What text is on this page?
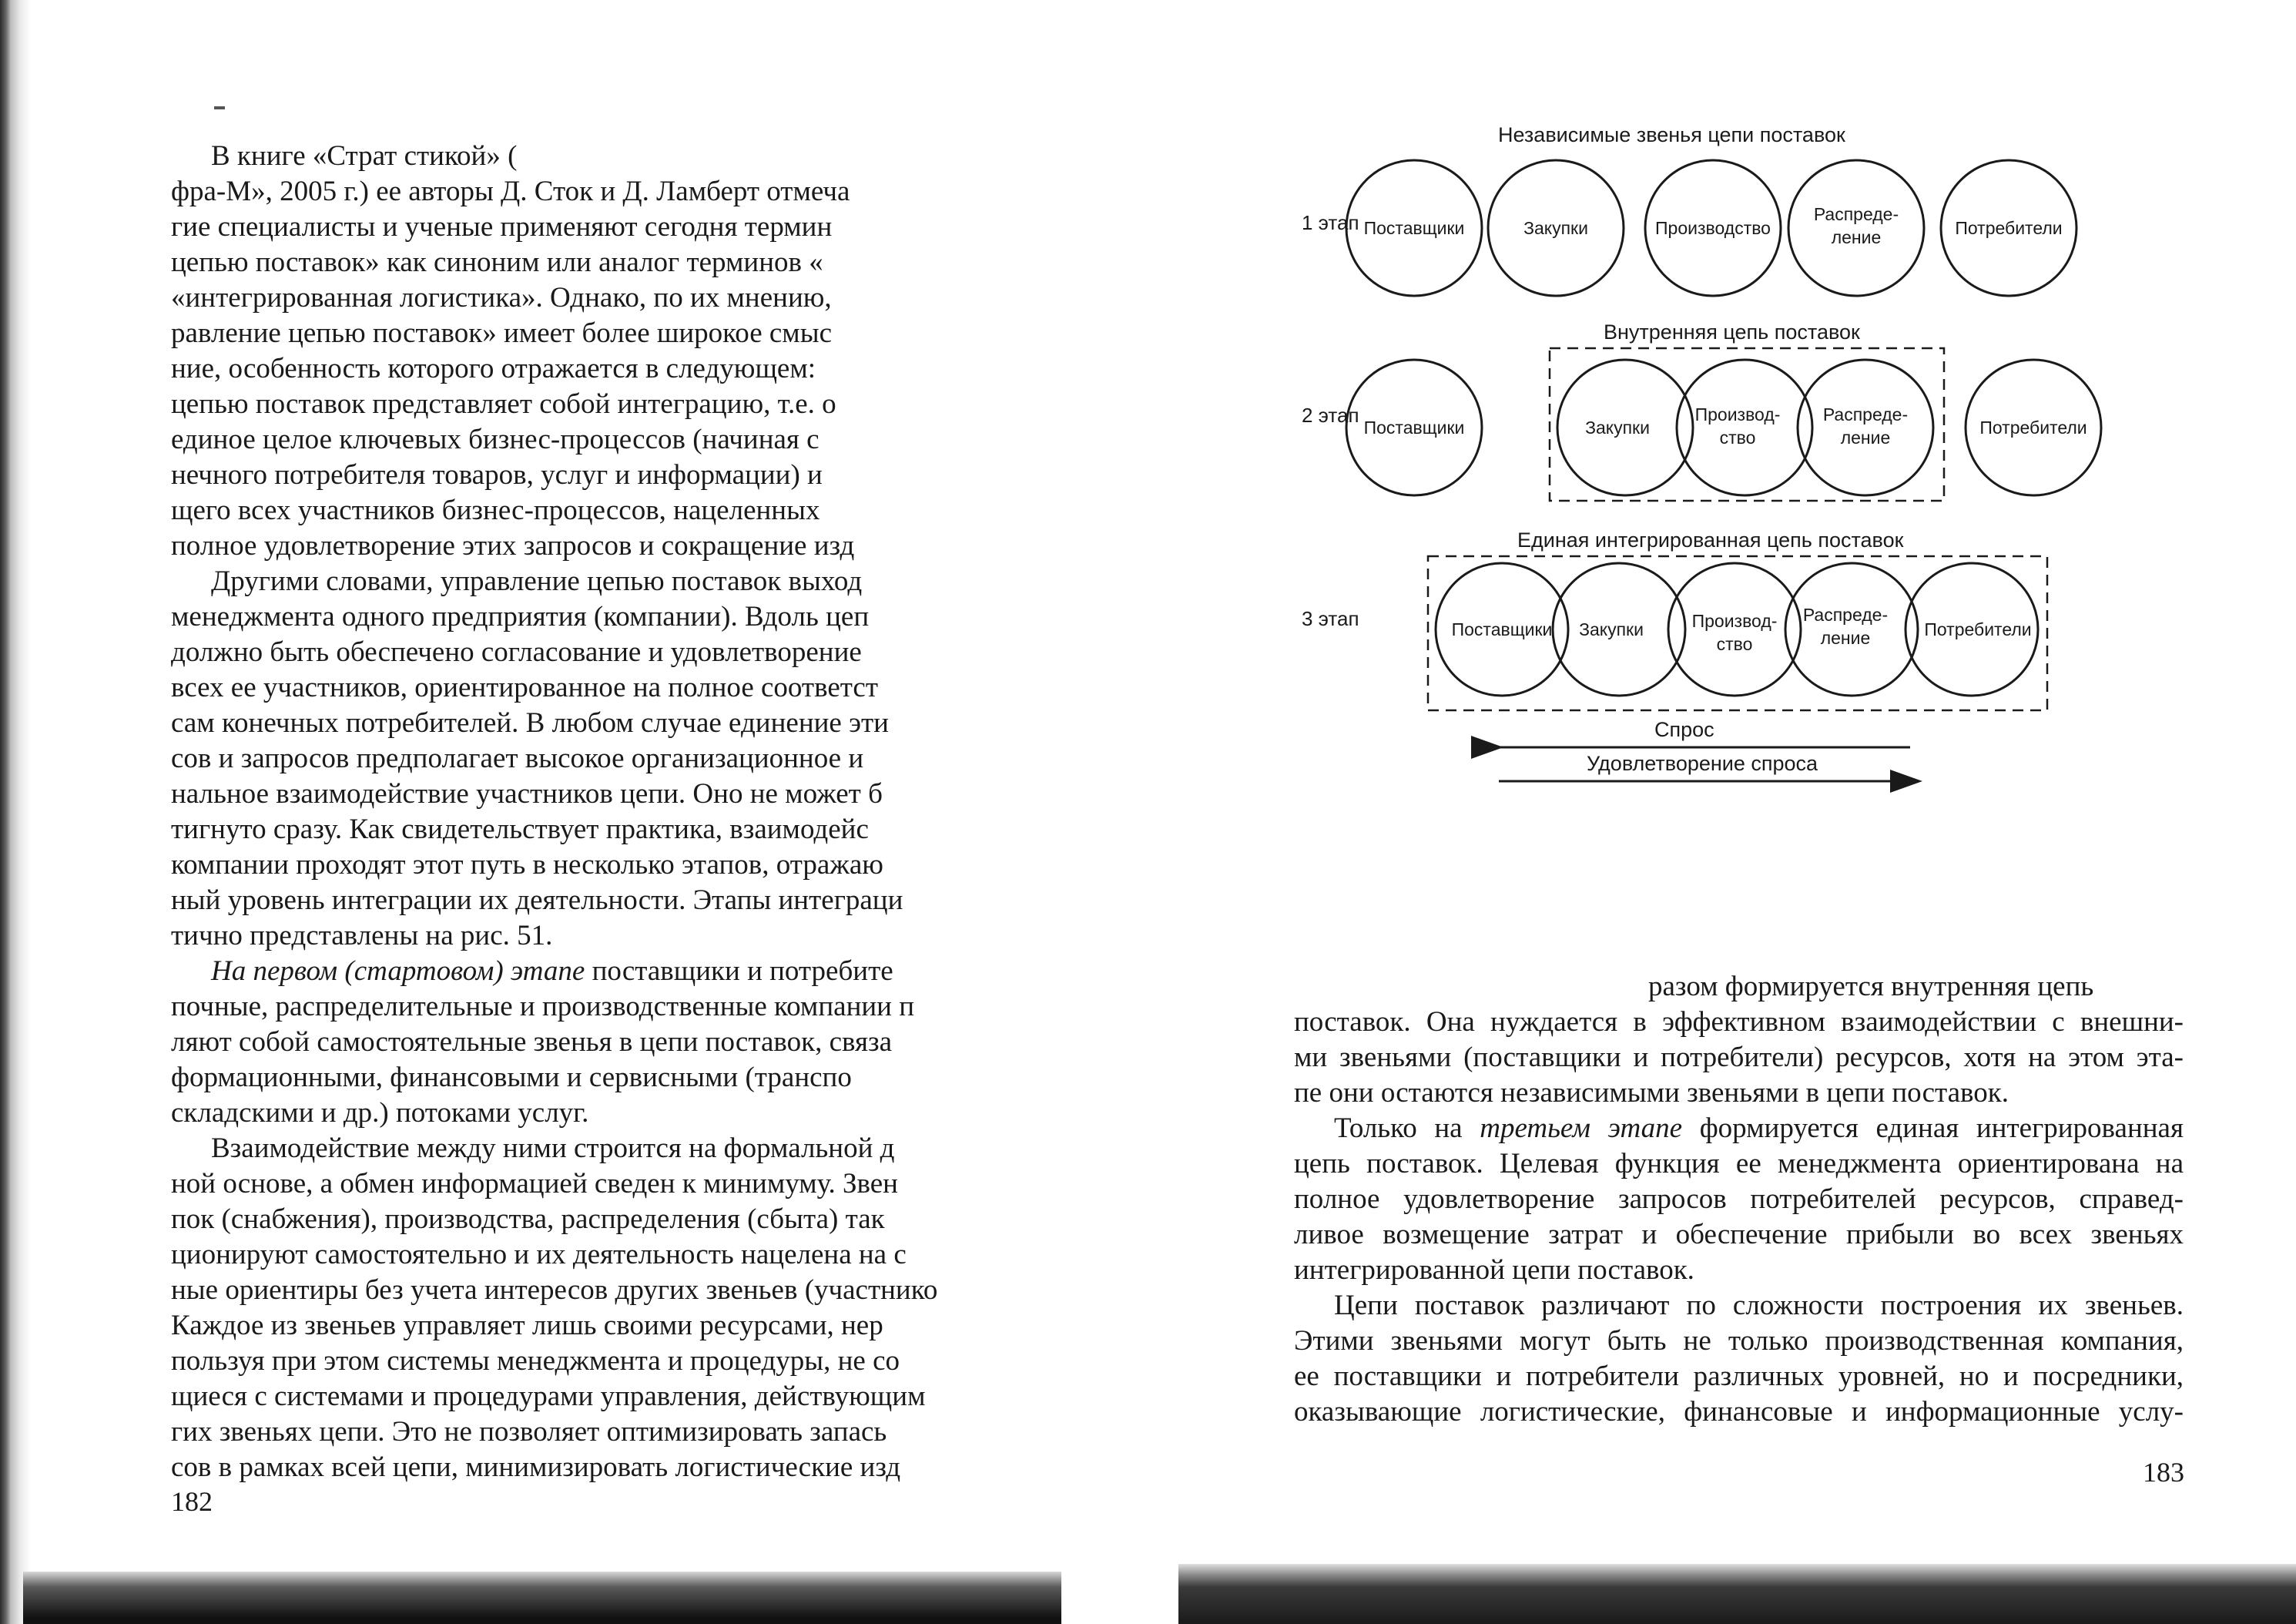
В книге «Страт стикой» (
фра-М», 2005 г.) ее авторы Д. Сток и Д. Ламберт отмеча
гие специалисты и ученые применяют сегодня термин
цепью поставок» как синоним или аналог терминов «
«интегрированная логистика». Однако, по их мнению,
равление цепью поставок» имеет более широкое смыс
ние, особенность которого отражается в следующем:
цепью поставок представляет собой интеграцию, т.е. о
единое целое ключевых бизнес-процессов (начиная с
нечного потребителя товаров, услуг и информации) и
щего всех участников бизнес-процессов, нацеленных
полное удовлетворение этих запросов и сокращение изд
Другими словами, управление цепью поставок выход
менеджмента одного предприятия (компании). Вдоль цеп
должно быть обеспечено согласование и удовлетворение
всех ее участников, ориентированное на полное соответст
сам конечных потребителей. В любом случае единение эти
сов и запросов предполагает высокое организационное и
нальное взаимодействие участников цепи. Оно не может б
тигнуто сразу. Как свидетельствует практика, взаимодейс
компании проходят этот путь в несколько этапов, отражаю
ный уровень интеграции их деятельности. Этапы интеграци
тично представлены на рис. 51.
На первом (стартовом) этапе поставщики и потребите
почные, распределительные и производственные компании п
ляют собой самостоятельные звенья в цепи поставок, связа
формационными, финансовыми и сервисными (транспо
складскими и др.) потоками услуг.
Взаимодействие между ними строится на формальной д
ной основе, а обмен информацией сведен к минимуму. Звен
пок (снабжения), производства, распределения (сбыта) так
ционируют самостоятельно и их деятельность нацелена на с
ные ориентиры без учета интересов других звеньев (участнико
Каждое из звеньев управляет лишь своими ресурсами, нер
пользуя при этом системы менеджмента и процедуры, не со
щиеся с системами и процедурами управления, действующим
гих звеньях цепи. Это не позволяет оптимизировать запась
сов в рамках всей цепи, минимизировать логистические изд
182
разом формируется внутренняя цепь
поставок. Она нуждается в эффективном взаимодействии с внешни-
ми звеньями (поставщики и потребители) ресурсов, хотя на этом эта-
пе они остаются независимыми звеньями в цепи поставок.
Только на третьем этапе формируется единая интегрированная
цепь поставок. Целевая функция ее менеджмента ориентирована на
полное удовлетворение запросов потребителей ресурсов, справед-
ливое возмещение затрат и обеспечение прибыли во всех звеньях
интегрированной цепи поставок.
Цепи поставок различают по сложности построения их звеньев.
Этими звеньями могут быть не только производственная компания,
ее поставщики и потребители различных уровней, но и посредники,
оказывающие логистические, финансовые и информационные услу-
183
Независимые звенья цепи поставок
1 этап Поставщики	Закупки	Производство
Распреде-
ление	Потребители
Внутренняя цепь поставок
2 этап
Поставщики	Закупки
Производ-
ство
Распреде-
ление	Потребители
Единая интегрированная цепь поставок
3 этап	Поставщики Закупки	Производ-
ство
Распреде-
ление	Потребители
Спрос
Удовлетворение спроса
